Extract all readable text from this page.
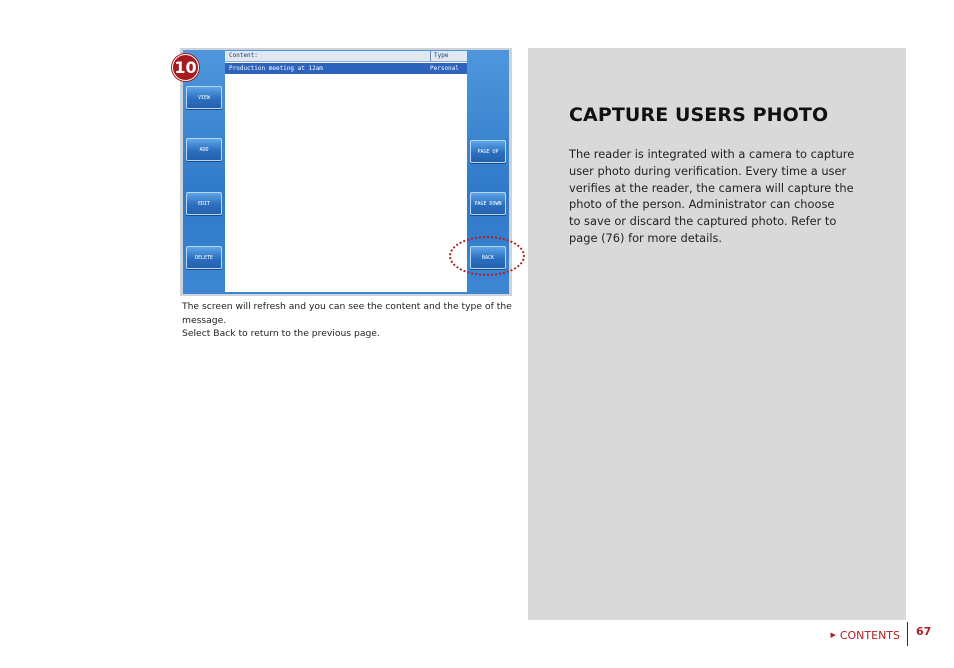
Content:	Type
Production meeting at 12am	Personal
VIEW
ADD
EDIT
DELETE
PAGE UP
PAGE DOWN
BACK
10

The screen will refresh and you can see the content and the type of the message.

Select Back to return to the previous page.

CAPTURE USERS PHOTO

The reader is integrated with a camera to capture
user photo during verification. Every time a user
verifies at the reader, the camera will capture the
photo of the person. Administrator can choose
to save or discard the captured photo. Refer to
page (76) for more details.

▶ CONTENTS 67
